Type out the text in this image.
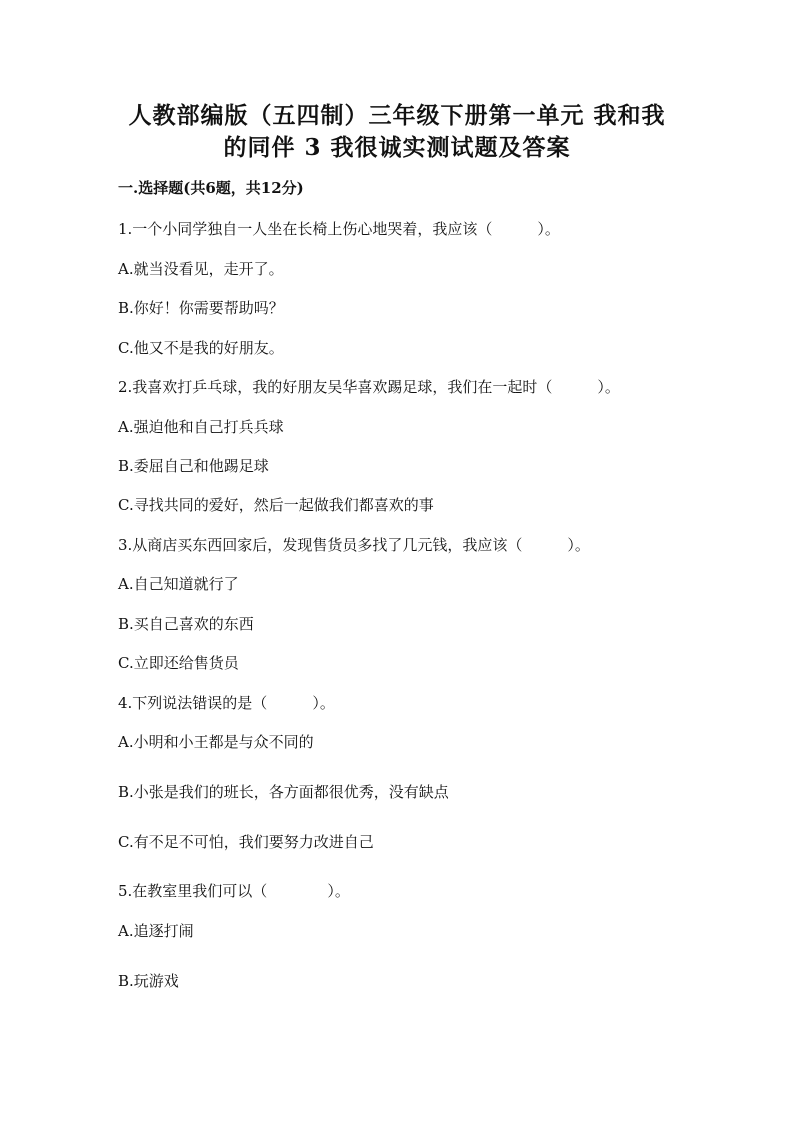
人教部编版（五四制）三年级下册第一单元 我和我
的同伴 3 我很诚实测试题及答案
一.选择题(共6题，共12分)
1.一个小同学独自一人坐在长椅上伤心地哭着，我应该（　　　）。
A.就当没看见，走开了。
B.你好！你需要帮助吗？
C.他又不是我的好朋友。
2.我喜欢打乒乓球，我的好朋友吴华喜欢踢足球，我们在一起时（　　　）。
A.强迫他和自己打兵兵球
B.委屈自己和他踢足球
C.寻找共同的爱好，然后一起做我们都喜欢的事
3.从商店买东西回家后，发现售货员多找了几元钱，我应该（　　　）。
A.自己知道就行了
B.买自己喜欢的东西
C.立即还给售货员
4.下列说法错误的是（　　　）。
A.小明和小王都是与众不同的
B.小张是我们的班长，各方面都很优秀，没有缺点
C.有不足不可怕，我们要努力改进自己
5.在教室里我们可以（　　　　）。
A.追逐打闹
B.玩游戏
